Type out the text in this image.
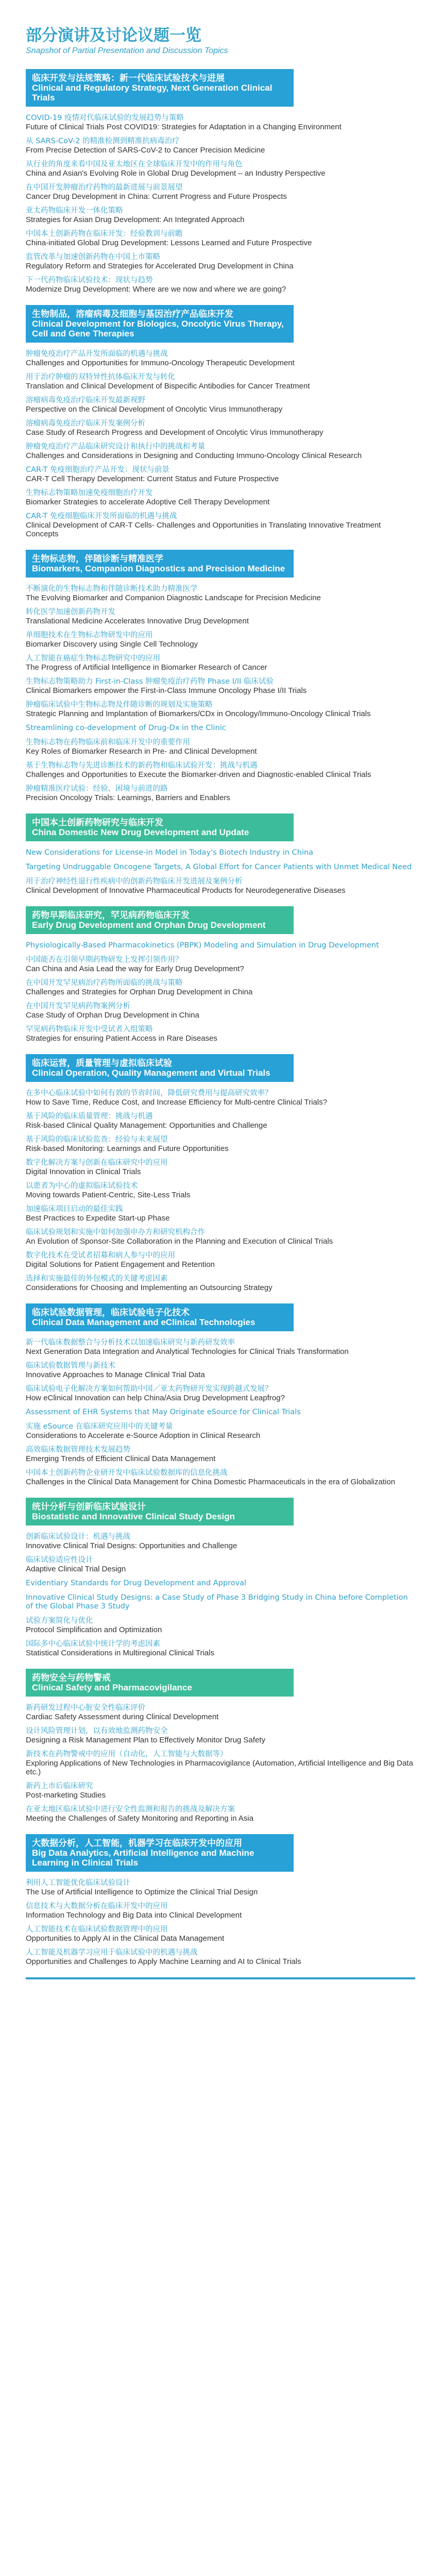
部分演讲及讨论议题一览
Snapshot of Partial Presentation and Discussion Topics
临床开发与法规策略：新一代临床试验技术与进展
Clinical and Regulatory Strategy, Next Generation Clinical Trials
COVID-19 疫情对代临床试验的发展趋势与策略
Future of Clinical Trials Post COVID19: Strategies for Adaptation in a Changing Environment
从 SARS-CoV-2 的精准检测到精准抗病毒治疗
From Precise Detection of SARS-CoV-2 to Cancer Precision Medicine
从行业的角度来看中国及亚太地区在全球临床开发中的作用与角色
China and Asian's Evolving Role in Global Drug Development – an Industry Perspective
在中国开发肿瘤治疗药物的最新进展与前景展望
Cancer Drug Development in China: Current Progress and Future Prospects
亚太药物临床开发一体化策略
Strategies for Asian Drug Development: An Integrated Approach
中国本土创新药物在临床开发：经验教训与前瞻
China-initiated Global Drug Development: Lessons Learned and Future Prospective
监管改革与加速创新药物在中国上市策略
Regulatory Reform and Strategies for Accelerated Drug Development in China
下一代药物临床试验技术：现状与趋势
Modernize Drug Development: Where are we now and where we are going?
生物制品，溶瘤病毒及细胞与基因治疗产品临床开发
Clinical Development for Biologics, Oncolytic Virus Therapy, Cell and Gene Therapies
肿瘤免疫治疗产品开发所面临的机遇与挑战
Challenges and Opportunities for Immuno-Oncology Therapeutic Development
用于治疗肿瘤的双特异性抗体临床开发与转化
Translation and Clinical Development of Bispecific Antibodies for Cancer Treatment
溶瘤病毒免疫治疗临床开发最新视野
Perspective on the Clinical Development of Oncolytic Virus Immunotherapy
溶瘤病毒免疫治疗临床开发案例分析
Case Study of Research Progress and Development of Oncolytic Virus Immunotherapy
肿瘤免疫治疗产品临床研究设计和执行中的挑战和考量
Challenges and Considerations in Designing and Conducting Immuno-Oncology Clinical Research
CAR-T 免疫细胞治疗产品开发：现状与前景
CAR-T Cell Therapy Development: Current Status and Future Prospective
生物标志物策略加速免疫细胞治疗开发
Biomarker Strategies to accelerate Adoptive Cell Therapy Development
CAR-T 免疫细胞临床开发所面临的机遇与挑战
Clinical Development of CAR-T Cells- Challenges and Opportunities in Translating Innovative Treatment Concepts
生物标志物，伴随诊断与精准医学
Biomarkers, Companion Diagnostics and Precision Medicine
不断演化的生物标志物和伴随诊断技术助力精准医学
The Evolving Biomarker and Companion Diagnostic Landscape for Precision Medicine
转化医学加速创新药物开发
Translational Medicine Accelerates Innovative Drug Development
单细胞技术在生物标志物研发中的应用
Biomarker Discovery using Single Cell Technology
人工智能在癌症生物标志物研究中的应用
The Progress of Artificial Intelligence in Biomarker Research of Cancer
生物标志物策略助力 First-in-Class 肿瘤免疫治疗药物 Phase I/II 临床试验
Clinical Biomarkers empower the First-in-Class Immune Oncology Phase I/II Trials
肿瘤临床试验中生物标志物及伴随诊断的规划及实施策略
Strategic Planning and Implantation of Biomarkers/CDx in Oncology/Immuno-Oncology Clinical Trials
Streamlining co-development of Drug-Dx in the Clinic
生物标志物在药物临床前和临床开发中的重要作用
Key Roles of Biomarker Research in Pre- and Clinical Development
基于生物标志物与先进诊断技术的新药物和临床试验开发：挑战与机遇
Challenges and Opportunities to Execute the Biomarker-driven and Diagnostic-enabled Clinical Trials
肿瘤精准医疗试验：经验、困境与前进的路
Precision Oncology Trials: Learnings, Barriers and Enablers
中国本土创新药物研究与临床开发
China Domestic New Drug Development and Update
New Considerations for License-in Model in Today's Biotech Industry in China
Targeting Undruggable Oncogene Targets, A Global Effort for Cancer Patients with Unmet Medical Need
用于治疗神经性退行性疾病中的创新药物临床开发进展及案例分析
Clinical Development of Innovative Pharmaceutical Products for Neurodegenerative Diseases
药物早期临床研究，罕见病药物临床开发
Early Drug Development and Orphan Drug Development
Physiologically-Based Pharmacokinetics (PBPK) Modeling and Simulation in Drug Development
中国能否在引领早期药物研发上发挥引领作用？
Can China and Asia Lead the way for Early Drug Development?
在中国开发罕见病治疗药物所面临的挑战与策略
Challenges and Strategies for Orphan Drug Development in China
在中国开发罕见病药物案例分析
Case Study of Orphan Drug Development in China
罕见病药物临床开发中受试者入组策略
Strategies for ensuring Patient Access in Rare Diseases
临床运营，质量管理与虚拟临床试验
Clinical Operation, Quality Management and Virtual Trials
在多中心临床试验中如何有效的节省时间，降低研究费用与提高研究效率？
How to Save Time, Reduce Cost, and Increase Efficiency for Multi-centre Clinical Trials?
基于风险的临床质量管理：挑战与机遇
Risk-based Clinical Quality Management: Opportunities and Challenge
基于风险的临床试验监查：经验与未来展望
Risk-based Monitoring: Learnings and Future Opportunities
数字化解决方案与创新在临床研究中的应用
Digital Innovation in Clinical Trials
以患者为中心的虚拟临床试验技术
Moving towards Patient-Centric, Site-Less Trials
加速临床项目启动的最佳实践
Best Practices to Expedite Start-up Phase
临床试验规划和实施中如何加强申办方和研究机构合作
An Evolution of Sponsor-Site Collaboration in the Planning and Execution of Clinical Trials
数字化技术在受试者招募和病人参与中的应用
Digital Solutions for Patient Engagement and Retention
选择和实施最佳的外包模式的关键考虑因素
Considerations for Choosing and Implementing an Outsourcing Strategy
临床试验数据管理，临床试验电子化技术
Clinical Data Management and eClinical Technologies
新一代临床数据整合与分析技术以加速临床研究与新药研发效率
Next Generation Data Integration and Analytical Technologies for Clinical Trials Transformation
临床试验数据管理与新技术
Innovative Approaches to Manage Clinical Trial Data
临床试验电子化解决方案如何帮助中国／亚太药物研开发实现跨越式发展？
How eClinical Innovation can help China/Asia Drug Development Leapfrog?
Assessment of EHR Systems that May Originate eSource for Clinical Trials
实施 eSource 在临床研究应用中的关键考量
Considerations to Accelerate e-Source Adoption in Clinical Research
高效临床数据管理技术发展趋势
Emerging Trends of Efficient Clinical Data Management
中国本土创新药物企业研开发中临床试验数据库的信息化挑战
Challenges in the Clinical Data Management for China Domestic Pharmaceuticals in the era of Globalization
统计分析与创新临床试验设计
Biostatistic and Innovative Clinical Study Design
创新临床试验设计：机遇与挑战
Innovative Clinical Trial Designs: Opportunities and Challenge
临床试验适应性设计
Adaptive Clinical Trial Design
Evidentiary Standards for Drug Development and Approval
Innovative Clinical Study Designs: a Case Study of Phase 3 Bridging Study in China before Completion of the Global Phase 3 Study
试验方案简化与优化
Protocol Simplification and Optimization
国际多中心临床试验中统计学的考虑因素
Statistical Considerations in Multiregional Clinical Trials
药物安全与药物警戒
Clinical Safety and Pharmacovigilance
新药研发过程中心脏安全性临床评价
Cardiac Safety Assessment during Clinical Development
设计风险管理计划，以有效地监测药物安全
Designing a Risk Management Plan to Effectively Monitor Drug Safety
新技术在药物警戒中的应用（自动化，人工智能与大数据等）
Exploring Applications of New Technologies in Pharmacovigilance (Automation, Artificial Intelligence and Big Data etc.)
新药上市后临床研究
Post-marketing Studies
在亚太地区临床试验中进行安全性监测和报告的挑战及解决方案
Meeting the Challenges of Safety Monitoring and Reporting in Asia
大数据分析，人工智能，机器学习在临床开发中的应用
Big Data Analytics, Artificial Intelligence and Machine Learning in Clinical Trials
利用人工智能优化临床试验设计
The Use of Artificial Intelligence to Optimize the Clinical Trial Design
信息技术与大数据分析在临床开发中的应用
Information Technology and Big Data into Clinical Development
人工智能技术在临床试验数据管理中的应用
Opportunities to Apply AI in the Clinical Data Management
人工智能及机器学习应用于临床试验中的机遇与挑战
Opportunities and Challenges to Apply Machine Learning and AI to Clinical Trials
